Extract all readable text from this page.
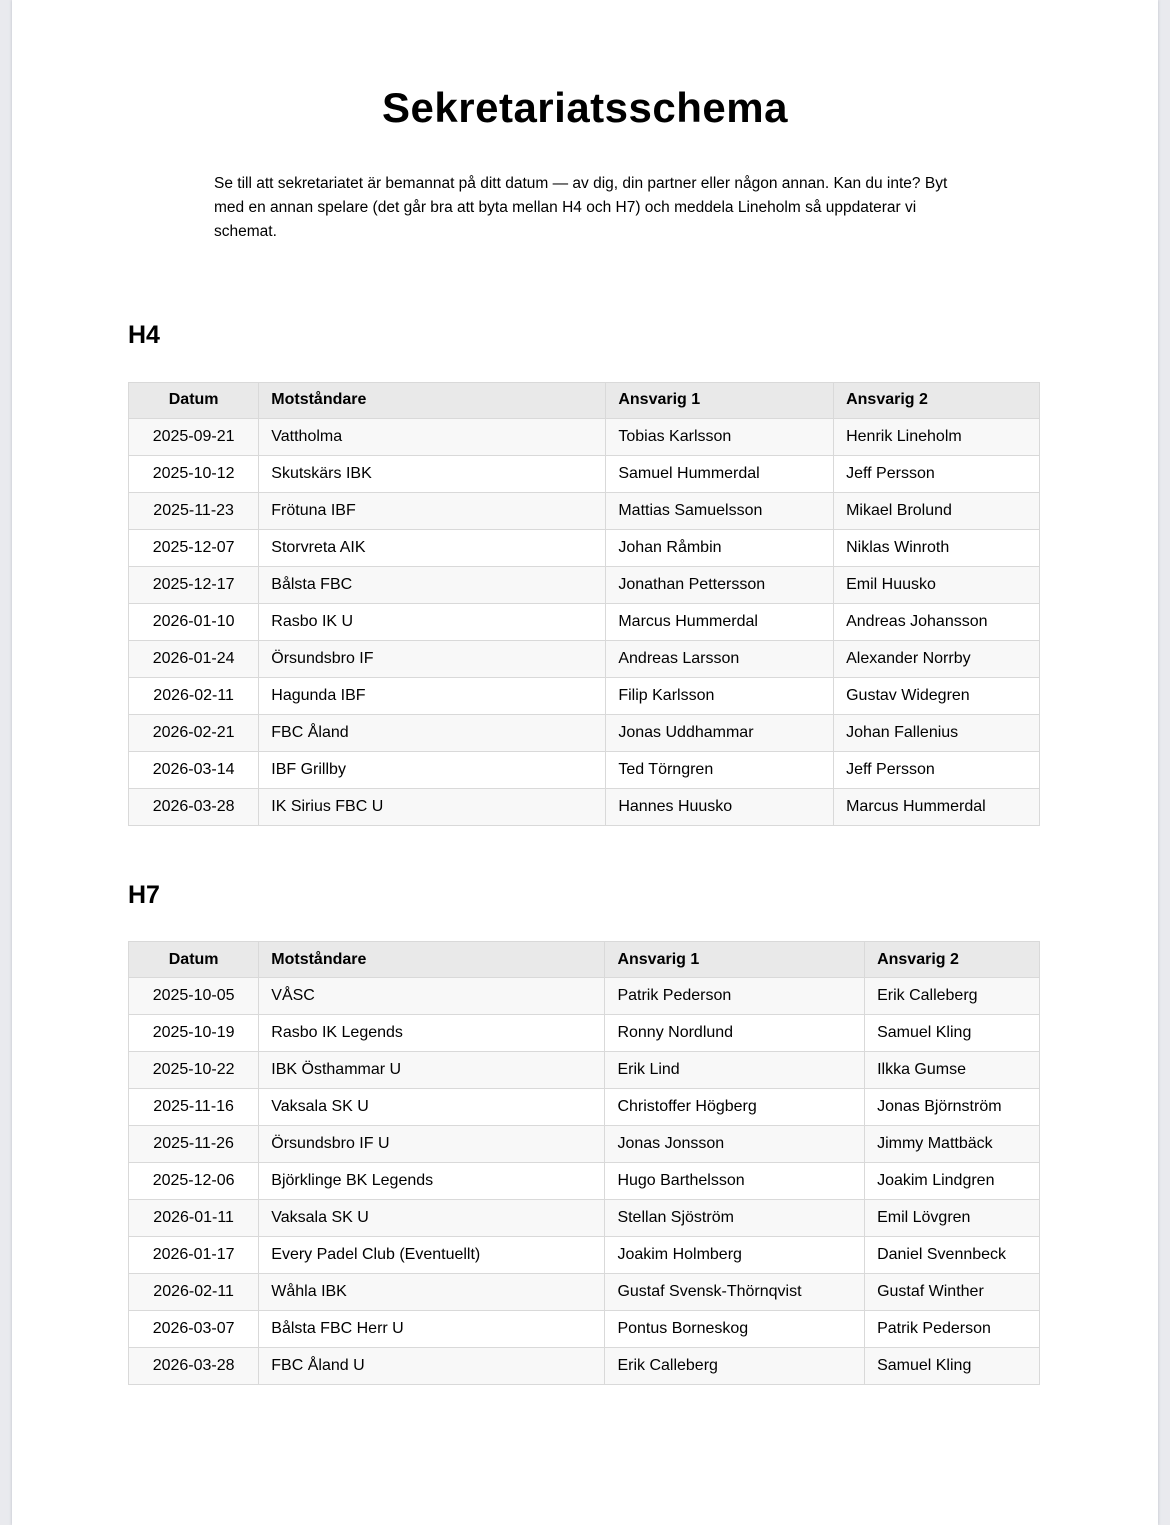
Sekretariatsschema

Se till att sekretariatet är bemannat på ditt datum — av dig, din partner eller någon annan. Kan du inte? Byt med en annan spelare (det går bra att byta mellan H4 och H7) och meddela Lineholm så uppdaterar vi schemat.

H4
Datum	Motståndare	Ansvarig 1	Ansvarig 2
2025-09-21	Vattholma	Tobias Karlsson	Henrik Lineholm
2025-10-12	Skutskärs IBK	Samuel Hummerdal	Jeff Persson
2025-11-23	Frötuna IBF	Mattias Samuelsson	Mikael Brolund
2025-12-07	Storvreta AIK	Johan Råmbin	Niklas Winroth
2025-12-17	Bålsta FBC	Jonathan Pettersson	Emil Huusko
2026-01-10	Rasbo IK U	Marcus Hummerdal	Andreas Johansson
2026-01-24	Örsundsbro IF	Andreas Larsson	Alexander Norrby
2026-02-11	Hagunda IBF	Filip Karlsson	Gustav Widegren
2026-02-21	FBC Åland	Jonas Uddhammar	Johan Fallenius
2026-03-14	IBF Grillby	Ted Törngren	Jeff Persson
2026-03-28	IK Sirius FBC U	Hannes Huusko	Marcus Hummerdal
H7
Datum	Motståndare	Ansvarig 1	Ansvarig 2
2025-10-05	VÅSC	Patrik Pederson	Erik Calleberg
2025-10-19	Rasbo IK Legends	Ronny Nordlund	Samuel Kling
2025-10-22	IBK Östhammar U	Erik Lind	Ilkka Gumse
2025-11-16	Vaksala SK U	Christoffer Högberg	Jonas Björnström
2025-11-26	Örsundsbro IF U	Jonas Jonsson	Jimmy Mattbäck
2025-12-06	Björklinge BK Legends	Hugo Barthelsson	Joakim Lindgren
2026-01-11	Vaksala SK U	Stellan Sjöström	Emil Lövgren
2026-01-17	Every Padel Club (Eventuellt)	Joakim Holmberg	Daniel Svennbeck
2026-02-11	Wåhla IBK	Gustaf Svensk-Thörnqvist	Gustaf Winther
2026-03-07	Bålsta FBC Herr U	Pontus Borneskog	Patrik Pederson
2026-03-28	FBC Åland U	Erik Calleberg	Samuel Kling
